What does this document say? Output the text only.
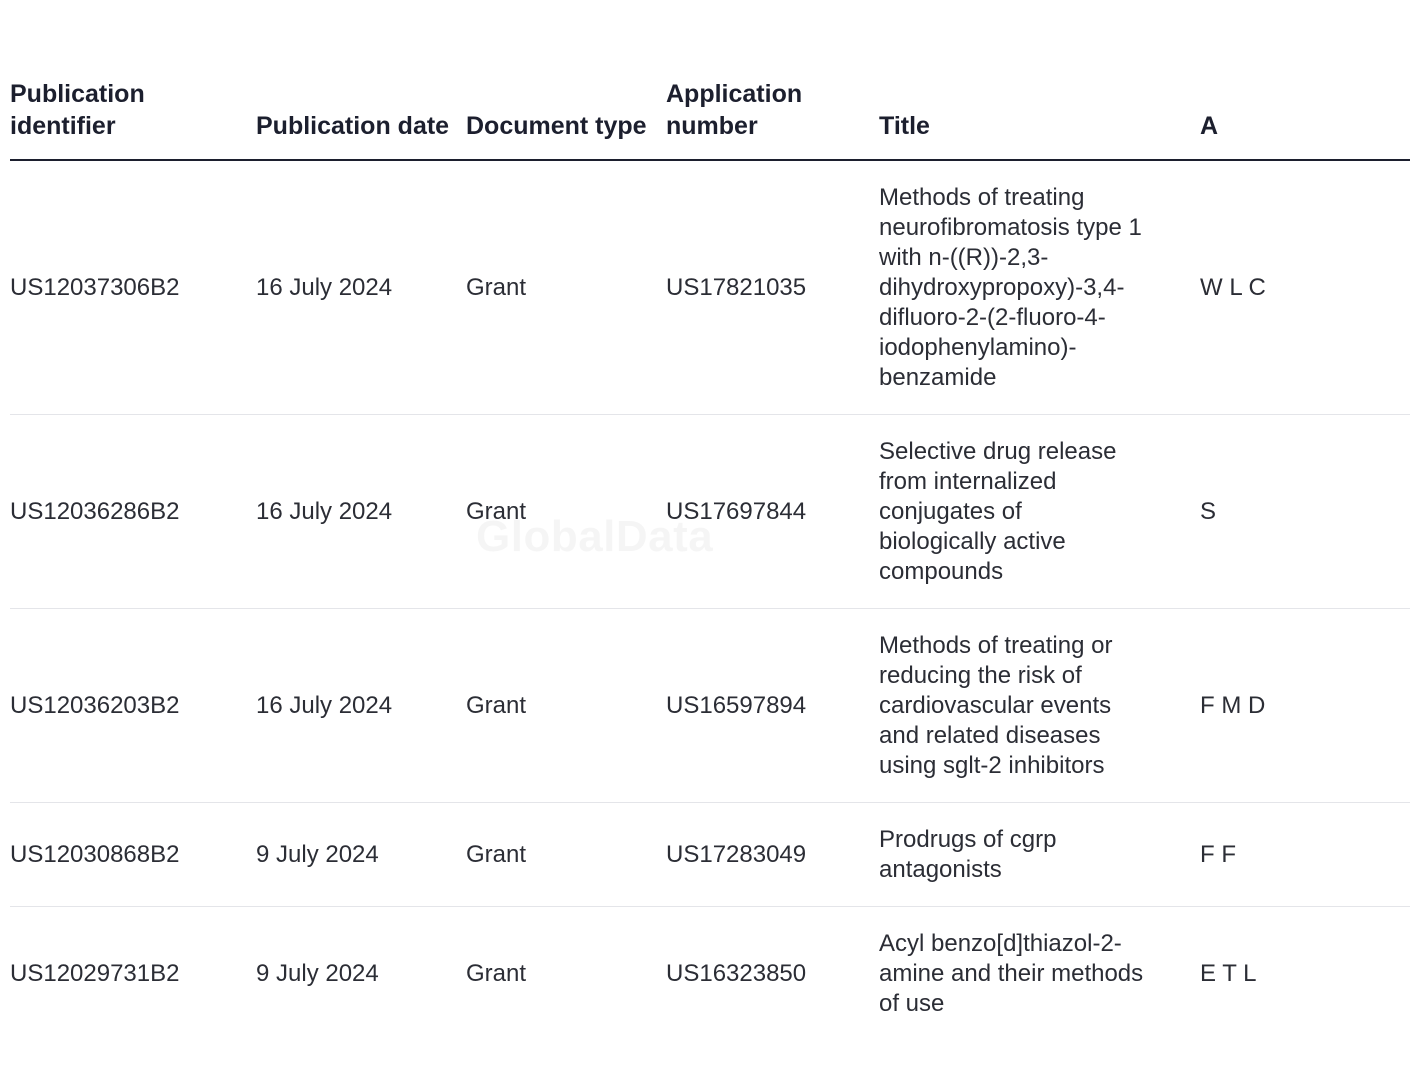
Publication identifier	Publication date	Document type	Application number	Title	A
US12037306B2	16 July 2024	Grant	US17821035	Methods of treating neurofibromatosis type 1 with n-((R))-2,3-dihydroxypropoxy)-3,4-difluoro-2-(2-fluoro-4-iodophenylamino)-benzamide	W L C
US12036286B2	16 July 2024	Grant	US17697844	Selective drug release from internalized conjugates of biologically active compounds	S
US12036203B2	16 July 2024	Grant	US16597894	Methods of treating or reducing the risk of cardiovascular events and related diseases using sglt-2 inhibitors	F M D
US12030868B2	9 July 2024	Grant	US17283049	Prodrugs of cgrp antagonists	F F
US12029731B2	9 July 2024	Grant	US16323850	Acyl benzo[d]thiazol-2-amine and their methods of use	E T L
